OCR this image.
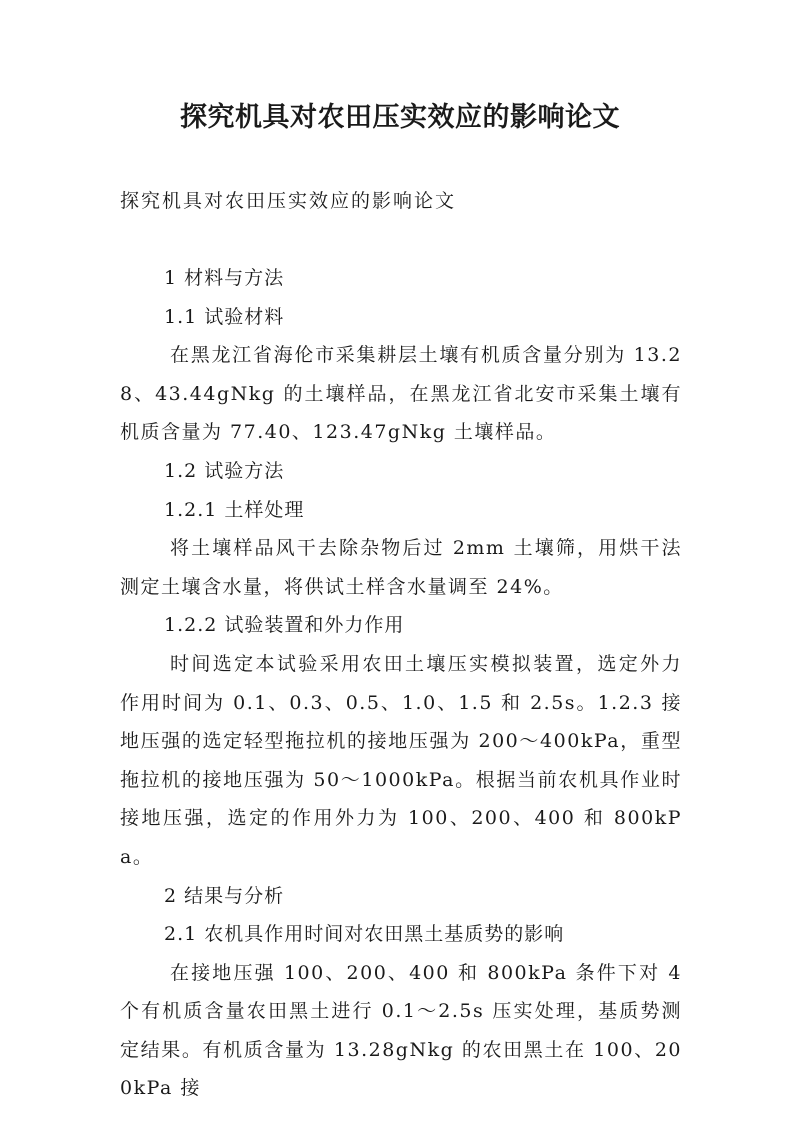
探究机具对农田压实效应的影响论文

探究机具对农田压实效应的影响论文

1 材料与方法

1.1 试验材料

在黑龙江省海伦市采集耕层土壤有机质含量分别为 13.28、43.44gNkg 的土壤样品，在黑龙江省北安市采集土壤有机质含量为 77.40、123.47gNkg 土壤样品。

1.2 试验方法

1.2.1 土样处理

将土壤样品风干去除杂物后过 2mm 土壤筛，用烘干法测定土壤含水量，将供试土样含水量调至 24%。

1.2.2 试验装置和外力作用

时间选定本试验采用农田土壤压实模拟装置，选定外力作用时间为 0.1、0.3、0.5、1.0、1.5 和 2.5s。1.2.3 接地压强的选定轻型拖拉机的接地压强为 200～400kPa，重型拖拉机的接地压强为 50～1000kPa。根据当前农机具作业时接地压强，选定的作用外力为 100、200、400 和 800kPa。

2 结果与分析

2.1 农机具作用时间对农田黑土基质势的影响

在接地压强 100、200、400 和 800kPa 条件下对 4 个有机质含量农田黑土进行 0.1～2.5s 压实处理，基质势测定结果。有机质含量为 13.28gNkg 的农田黑土在 100、200kPa 接
